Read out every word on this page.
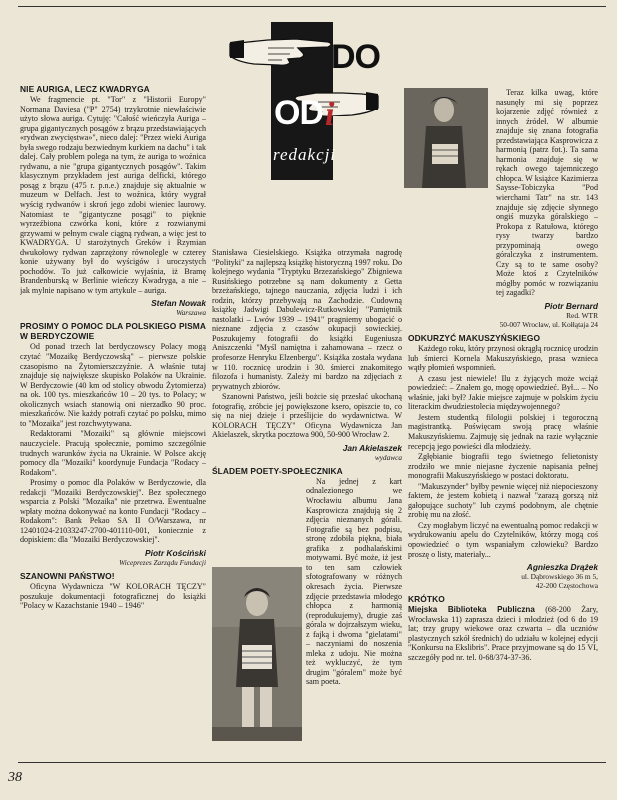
DO
OD i
redakcji
NIE AURIGA, LECZ KWADRYGA

We fragmencie pt. "Tor" z "Historii Europy" Normana Daviesa ("P" 2754) trzykrotnie niewłaściwie użyto słowa auriga. Cytuję: "Całość wieńczyła Auriga – grupa gigantycznych posągów z brązu przedstawiających «rydwan zwycięstwa»", nieco dalej: "Przez wieki Auriga była swego rodzaju bezwiednym kurkiem na dachu" i tak dalej. Cały problem polega na tym, że auriga to woźnica rydwanu, a nie "grupa gigantycznych posągów". Takim klasycznym przykładem jest auriga delficki, którego posąg z brązu (475 r. p.n.e.) znajduje się aktualnie w muzeum w Delfach. Jest to woźnica, który wygrał wyścig rydwanów i skroń jego zdobi wieniec laurowy. Natomiast te "gigantyczne posągi" to pięknie wyrzeźbiona czwórka koni, które z rozwianymi grzywami w pełnym cwale ciągną rydwan, a więc jest to KWADRYGA. U starożytnych Greków i Rzymian dwukołowy rydwan zaprzężony równolegle w czterey konie używany był do wyścigów i uroczystych pochodów. To już całkowicie wyjaśnia, iż Bramę Brandenburską w Berlinie wieńczy Kwadryga, a nie – jak mylnie napisano w tym artykule – auriga.

Stefan Nowak
Warszawa
PROSIMY O POMOC DLA POLSKIEGO PISMA W BERDYCZOWIE

Od ponad trzech lat berdyczowscy Polacy mogą czytać "Mozaikę Berdyczowską" – pierwsze polskie czasopismo na Żytomierszczyźnie. A właśnie tutaj znajduje się największe skupisko Polaków na Ukrainie. W Berdyczowie (40 km od stolicy obwodu Żytomierza) na ok. 100 tys. mieszkańców 10 – 20 tys. to Polacy; w okolicznych wsiach stanowią oni nierzadko 90 proc. mieszkańców. Nie każdy potrafi czytać po polsku, mimo to "Mozaika" jest rozchwytywana.

Redaktorami "Mozaiki" są głównie miejscowi nauczyciele. Pracują społecznie, pomimo szczególnie trudnych warunków życia na Ukrainie. W Polsce akcję pomocy dla "Mozaiki" koordynuje Fundacja "Rodacy – Rodakom".

Prosimy o pomoc dla Polaków w Berdyczowie, dla redakcji "Mozaiki Berdyczowskiej". Bez społecznego wsparcia z Polski "Mozaika" nie przetrwa. Ewentualne wpłaty można dokonywać na konto Fundacji "Rodacy – Rodakom": Bank Pekao SA II O/Warszawa, nr 12401024-21033247-2700-401110-001, koniecznie z dopiskiem: dla "Mozaiki Berdyczowskiej".

Piotr Kościński
Wiceprezes Zarządu Fundacji
SZANOWNI PAŃSTWO!

Oficyna Wydawnicza "W KOLORACH TĘCZY" poszukuje dokumentacji fotograficznej do książki "Polacy w Kazachstanie 1940 – 1946"

Stanisława Ciesielskiego. Książka otrzymała nagrodę "Polityki" za najlepszą książkę historyczną 1997 roku. Do kolejnego wydania "Tryptyku Brzezańskiego" Zbigniewa Rusińskiego potrzebne są nam dokumenty z Getta brzeżańskiego, tajnego nauczania, zdjęcia ludzi i ich rodzin, którzy przebywają na Zachodzie. Cudowną książkę Jadwigi Dabulewicz-Rutkowskiej "Pamiętnik nastolatki – Lwów 1939 – 1941" pragniemy ubogacić o nieznane zdjęcia z czasów okupacji sowieckiej. Poszukujemy fotografii do książki Eugeniusza Aniszczenki "Myśl namiętna i zahamowana – rzecz o profesorze Henryku Elzenbergu". Książka została wydana w 110. rocznicę urodzin i 30. śmierci znakomitego filozofa i humanisty. Zależy mi bardzo na zdjęciach z prywatnych zbiorów.

Szanowni Państwo, jeśli bożcie się przesłać ukochaną fotografię, zróbcie jej powiększone ksero, opiszcie to, co się na niej dzieje i prześlijcie do wydawnictwa. W KOLORACH TĘCZY" Oficyna Wydawnicza Jan Akielaszek, skrytka pocztowa 900, 50-900 Wrocław 2.

Jan Akielaszek
wydawca
ŚLADEM POETY-SPOŁECZNIKA

Na jednej z kart odnalezionego we Wrocławiu albumu Jana Kasprowicza znajdują się 2 zdjęcia nieznanych górali. Fotografie są bez podpisu, stronę zdobiła piękna, biała grafika z podhalańskimi motywami. Być może, iż jest to ten sam człowiek sfotografowany w różnych okresach życia. Pierwsze zdjęcie przedstawia młodego chłopca z harmonią (reprodukujemy), drugie zaś górala w dojrzałszym wieku, z fajką i dwoma "gielatami" – naczyniami do noszenia mleka z udoju. Nie można też wykluczyć, że tym drugim "góralem" może być sam poeta.

Teraz kilka uwag, które nasunęły mi się poprzez kojarzenie zdjęć również z innych źródeł. W albumie znajduje się znana fotografia przedstawiająca Kasprowicza z harmonią (patrz fot.). Ta sama harmonia znajduje się w rękach owego tajemniczego chłopca. W książce Kazimierza Saysse-Tobiczyka "Pod wierchami Tatr" na str. 143 znajduje się zdjęcie słynnego ongiś muzyka góralskiego – Prokopa z Ratułowa, którego rysy twarzy bardzo przypominają owego góralczyka z instrumentem. Czy są to te same osoby? Może ktoś z Czytelników mógłby pomóc w rozwiązaniu tej zagadki?

Piotr Bernard
Red. WTR
50-007 Wrocław, ul. Kołłątaja 24
ODKURZYĆ MAKUSZYŃSKIEGO

Każdego roku, który przynosi okrągłą rocznicę urodzin lub śmierci Kornela Makuszyńskiego, prasa wznieca wątły płomień wspomnień.

A czasu jest niewiele! Ilu z żyjących może wciąż powiedzieć: – Znałem go, mogę opowiedzieć. Był... – No właśnie, jaki był? Jakie miejsce zajmuje w polskim życiu literackim dwudziestolecia międzywojennego?

Jestem studentką filologii polskiej i tegoroczną magistrantką. Poświęcam swoją pracę właśnie Makuszyńskiemu. Zajmuję się jednak na razie wyłącznie recepcją jego powieści dla młodzieży.

Zgłębianie biografii tego świetnego felietonisty zrodziło we mnie niejasne życzenie napisania pełnej monografii Makuszyńskiego w postaci doktoratu.

"Makuszynder" byłby pewnie więcej niż niepocieszony faktem, że jestem kobietą i nazwał "zarazą gorszą niż gałopujące suchoty" lub czymś podobnym, ale chętnie zrobię mu na złość.

Czy mogłabym liczyć na ewentualną pomoc redakcji w wydrukowaniu apelu do Czytelników, którzy mogą coś opowiedzieć o tym wspaniałym człowieku? Bardzo proszę o listy, materiały...

Agnieszka Drążek
ul. Dąbrowskiego 36 m 5,
42-200 Częstochowa
KRÓTKO

Miejska Biblioteka Publiczna (68-200 Żary, Wrocławska 11) zaprasza dzieci i młodzież (od 6 do 19 lat; trzy grupy wiekowe oraz czwarta – dla uczniów plastycznych szkół średnich) do udziału w kolejnej edycji "Konkursu na Ekslibris". Prace przyjmowane są do 15 VI, szczegóły pod nr. tel. 0-68/374-37-36.

38
